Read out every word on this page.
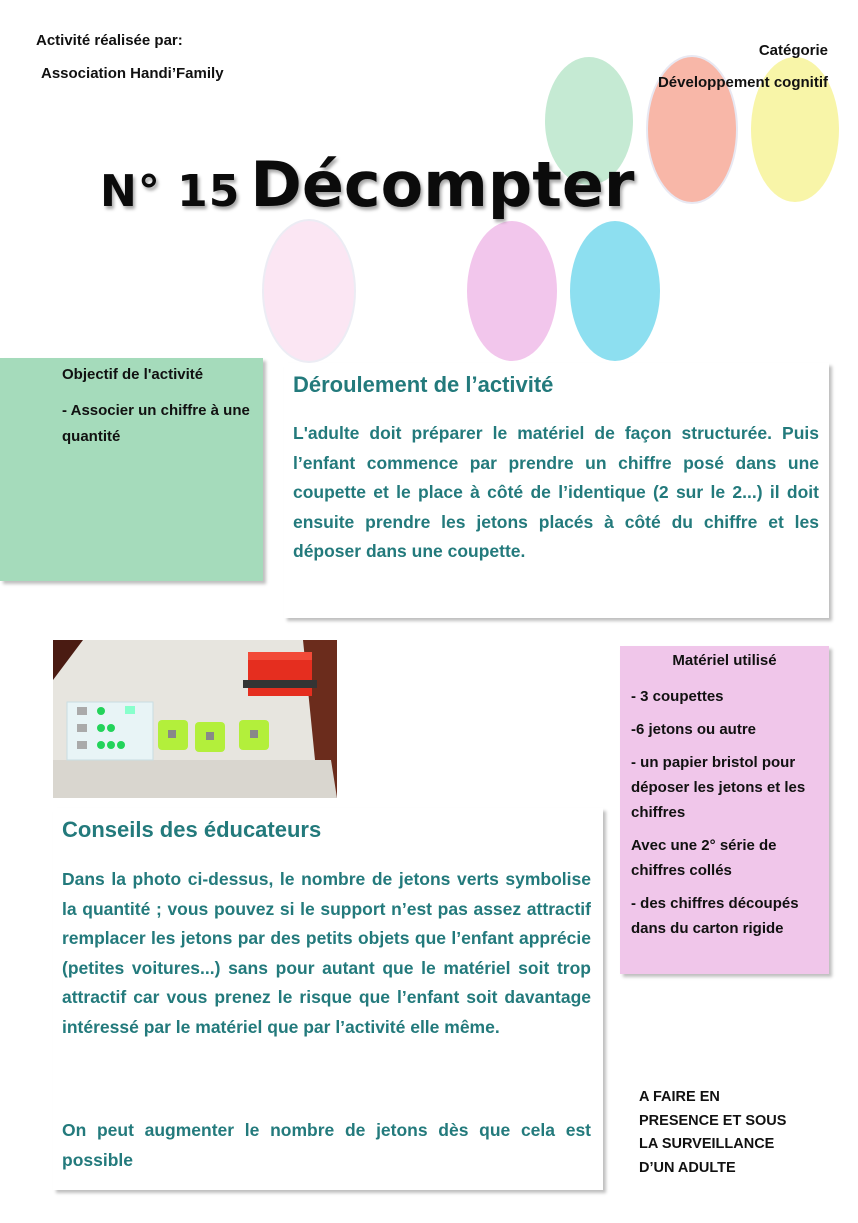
Activité réalisée par:
Association Handi’Family
Catégorie
Développement cognitif
N° 15 Décompter
Objectif de l'activité
- Associer un chiffre à une quantité
Déroulement de l’activité
L'adulte doit préparer le matériel de façon structurée. Puis l’enfant commence par prendre un chiffre posé dans une coupette et le place à côté de l’identique (2 sur le 2...) il doit ensuite prendre les jetons placés à côté du chiffre et les déposer dans une coupette.
Matériel utilisé
- 3 coupettes
-6 jetons ou autre
- un papier bristol pour déposer les jetons et les chiffres
Avec une 2° série de chiffres collés
- des chiffres découpés dans du carton rigide
Conseils des éducateurs
Dans la photo ci-dessus, le nombre de jetons verts symbolise la quantité ; vous pouvez si le support n’est pas assez attractif remplacer les jetons par des petits objets que l’enfant apprécie (petites voitures...) sans pour autant que le matériel soit trop attractif car vous prenez le risque que l’enfant soit davantage intéressé par le matériel que par l’activité elle même.
On peut augmenter le nombre de jetons dès que cela est possible
A FAIRE EN
PRESENCE ET SOUS
LA SURVEILLANCE
D’UN ADULTE
